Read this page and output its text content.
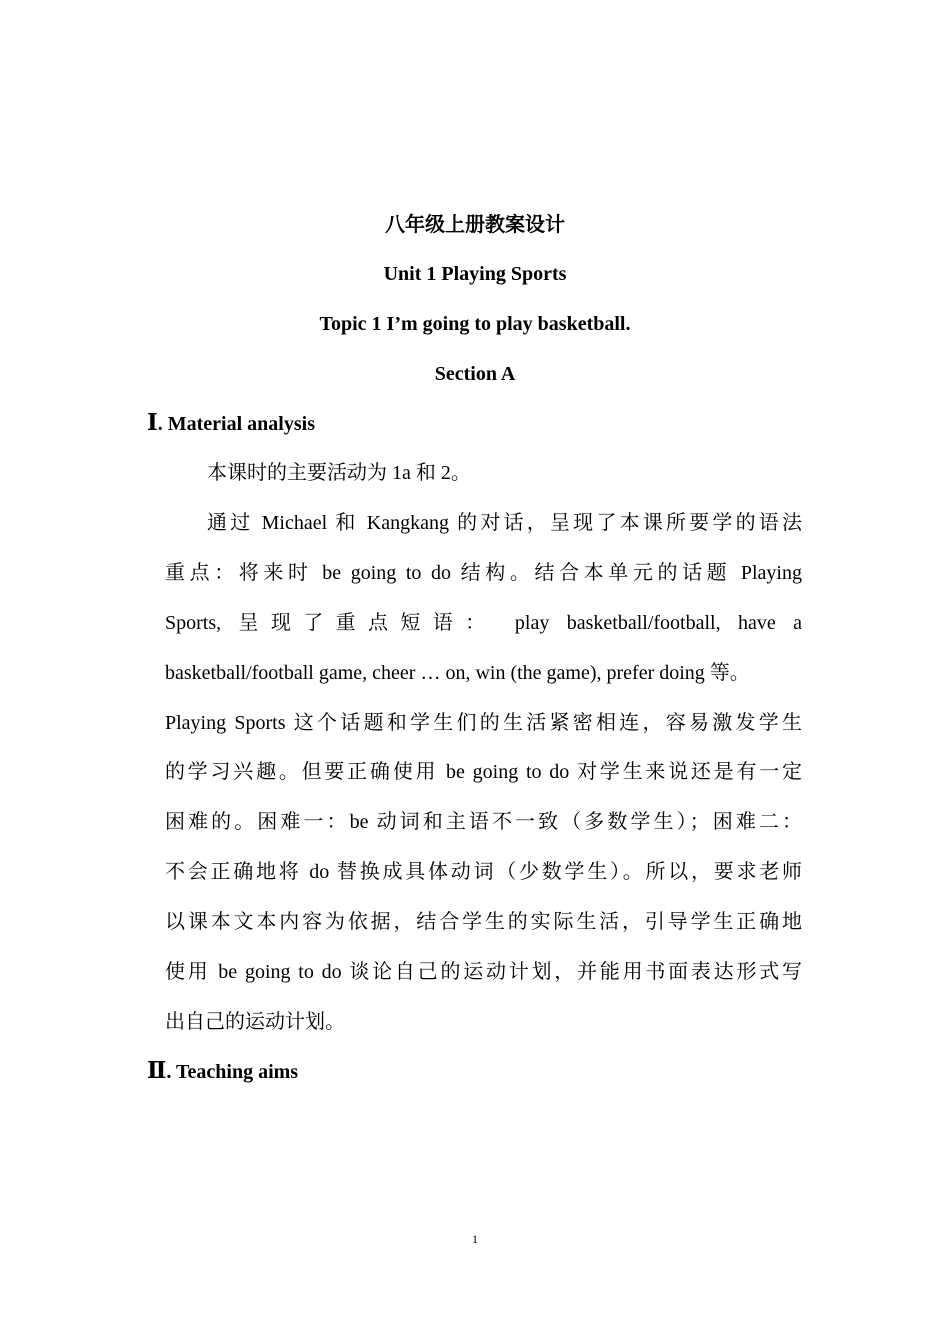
八年级上册教案设计
Unit 1 Playing Sports
Topic 1 I’m going to play basketball.
Section A
Ⅰ. Material analysis
本课时的主要活动为 1a 和 2。
通过 Michael 和 Kangkang 的对话，呈现了本课所要学的语法
重点：将来时 be going to do 结构。结合本单元的话题 Playing
Sports, 呈现了重点短语： play basketball/football, have a
basketball/football game, cheer … on, win (the game), prefer doing 等。
Playing Sports 这个话题和学生们的生活紧密相连，容易激发学生
的学习兴趣。但要正确使用 be going to do 对学生来说还是有一定
困难的。困难一：be 动词和主语不一致（多数学生）；困难二：
不会正确地将 do 替换成具体动词（少数学生）。所以，要求老师
以课本文本内容为依据，结合学生的实际生活，引导学生正确地
使用 be going to do 谈论自己的运动计划，并能用书面表达形式写
出自己的运动计划。
Ⅱ. Teaching aims
1
